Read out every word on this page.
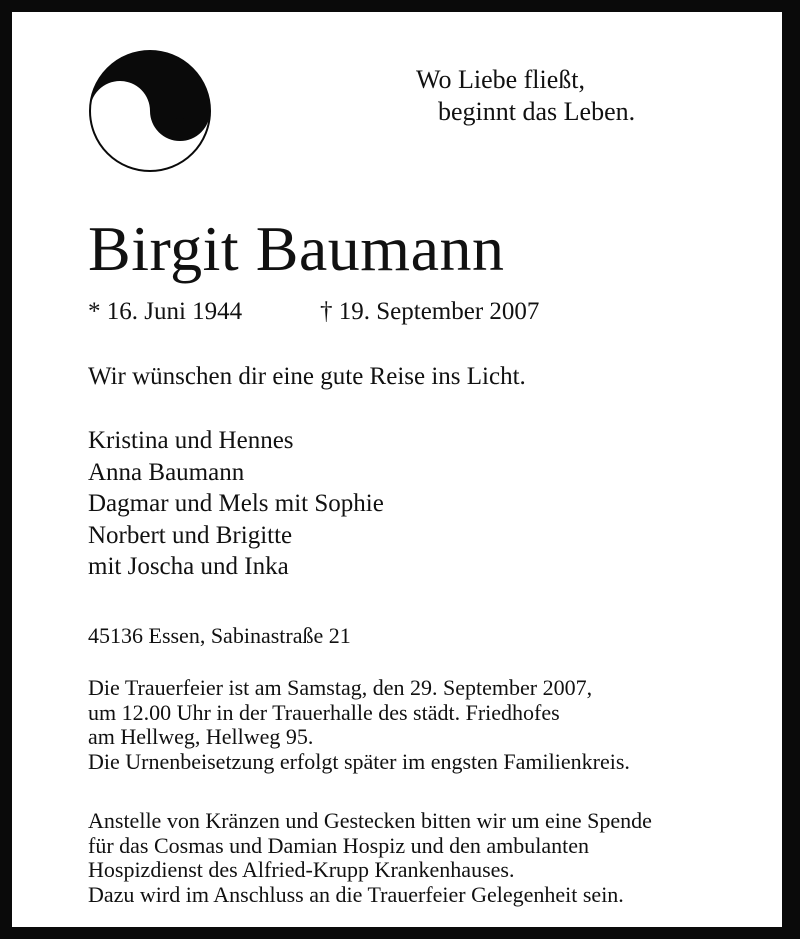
Wo Liebe fließt,
beginnt das Leben.
Birgit Baumann
* 16. Juni 1944	† 19. September 2007
Wir wünschen dir eine gute Reise ins Licht.
Kristina und Hennes
Anna Baumann
Dagmar und Mels mit Sophie
Norbert und Brigitte
mit Joscha und Inka
45136 Essen, Sabinastraße 21
Die Trauerfeier ist am Samstag, den 29. September 2007,
um 12.00 Uhr in der Trauerhalle des städt. Friedhofes
am Hellweg, Hellweg 95.
Die Urnenbeisetzung erfolgt später im engsten Familienkreis.
Anstelle von Kränzen und Gestecken bitten wir um eine Spende
für das Cosmas und Damian Hospiz und den ambulanten
Hospizdienst des Alfried-Krupp Krankenhauses.
Dazu wird im Anschluss an die Trauerfeier Gelegenheit sein.
